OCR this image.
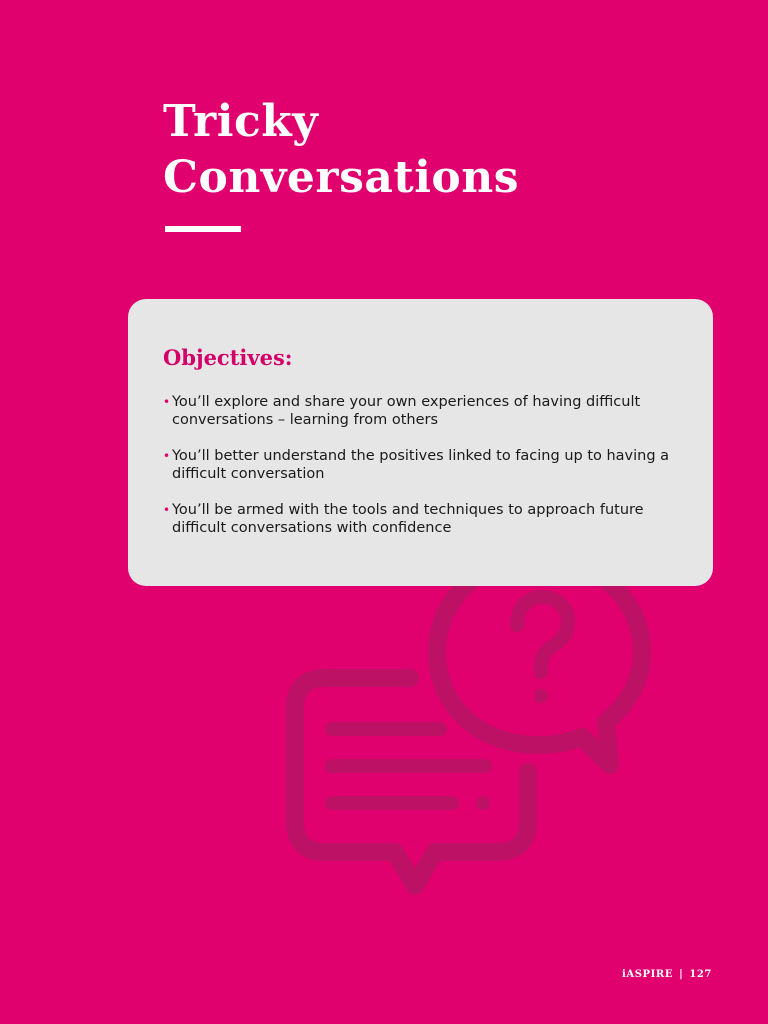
Tricky
Conversations
Objectives:
• You’ll explore and share your own experiences of having difficult conversations – learning from others
• You’ll better understand the positives linked to facing up to having a difficult conversation
• You’ll be armed with the tools and techniques to approach future difficult conversations with confidence
iASPIRE | 127
